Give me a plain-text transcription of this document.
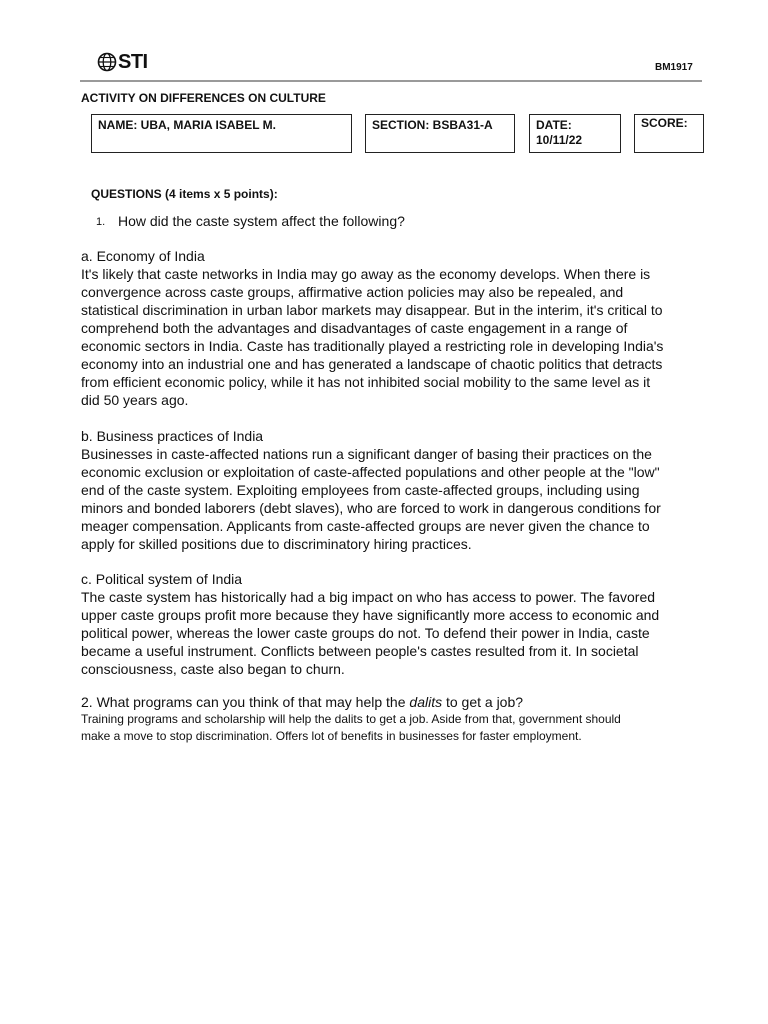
STI	BM1917
ACTIVITY ON DIFFERENCES ON CULTURE
NAME: UBA, MARIA ISABEL M.	SECTION: BSBA31-A	DATE:
10/11/22
SCORE:
QUESTIONS (4 items x 5 points):
1. How did the caste system affect the following?

a. Economy of India

It's likely that caste networks in India may go away as the economy develops. When there is

convergence across caste groups, affirmative action policies may also be repealed, and

statistical discrimination in urban labor markets may disappear. But in the interim, it's critical to

comprehend both the advantages and disadvantages of caste engagement in a range of

economic sectors in India. Caste has traditionally played a restricting role in developing India's

economy into an industrial one and has generated a landscape of chaotic politics that detracts

from efficient economic policy, while it has not inhibited social mobility to the same level as it

did 50 years ago.

b. Business practices of India

Businesses in caste-affected nations run a significant danger of basing their practices on the

economic exclusion or exploitation of caste-affected populations and other people at the "low"

end of the caste system. Exploiting employees from caste-affected groups, including using

minors and bonded laborers (debt slaves), who are forced to work in dangerous conditions for

meager compensation. Applicants from caste-affected groups are never given the chance to

apply for skilled positions due to discriminatory hiring practices.

c. Political system of India

The caste system has historically had a big impact on who has access to power. The favored

upper caste groups profit more because they have significantly more access to economic and

political power, whereas the lower caste groups do not. To defend their power in India, caste

became a useful instrument. Conflicts between people's castes resulted from it. In societal

consciousness, caste also began to churn.

2. What programs can you think of that may help the dalits to get a job?

Training programs and scholarship will help the dalits to get a job. Aside from that, government should

make a move to stop discrimination. Offers lot of benefits in businesses for faster employment.
